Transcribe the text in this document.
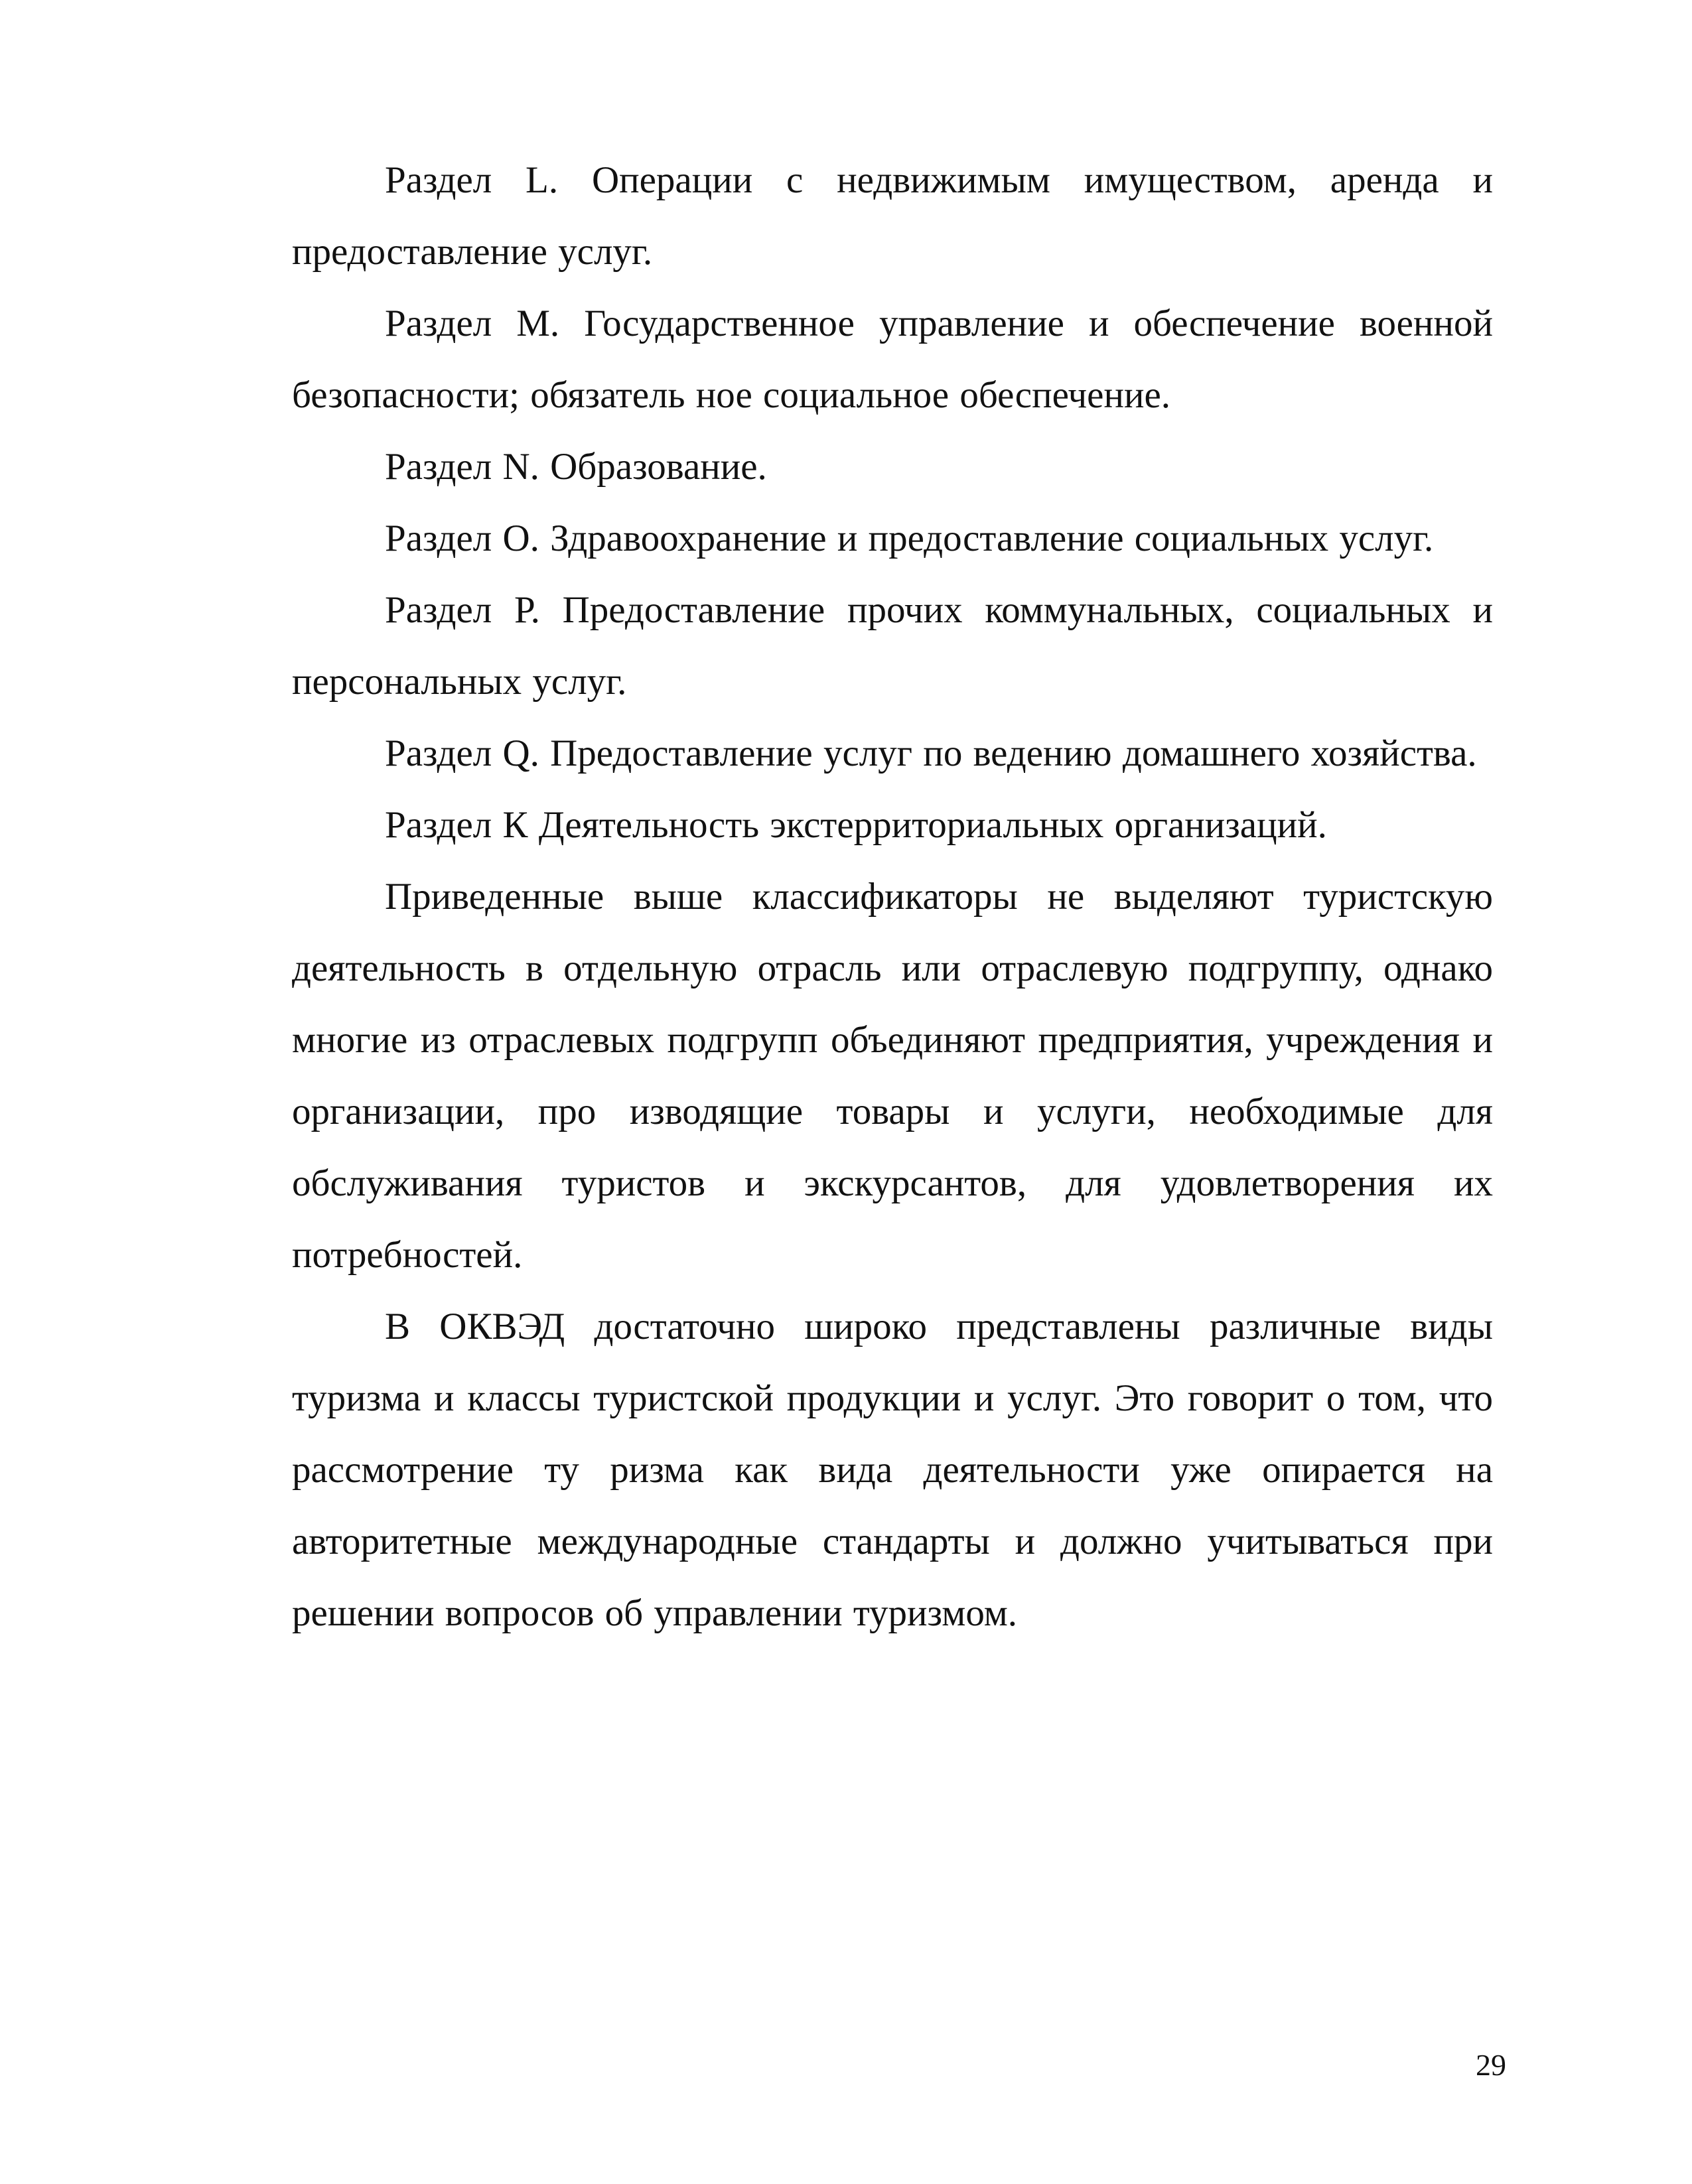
Раздел L. Операции с недвижимым имуществом, аренда и предоставление услуг.

Раздел М. Государственное управление и обеспечение военной безопасности; обязатель ное социальное обеспечение.

Раздел N. Образование.

Раздел О. Здравоохранение и предоставление социальных услуг.

Раздел Р. Предоставление прочих коммунальных, социальных и персональных услуг.

Раздел Q. Предоставление услуг по ведению домашнего хозяйства.

Раздел К Деятельность экстерриториальных организаций.

Приведенные выше классификаторы не выделяют туристскую деятельность в отдельную отрасль или отраслевую подгруппу, однако многие из отраслевых подгрупп объединяют предприятия, учреждения и организации, про изводящие товары и услуги, необходимые для обслуживания туристов и экскурсантов, для удовлетворения их потребностей.

В ОКВЭД достаточно широко представлены различные виды туризма и классы туристской продукции и услуг. Это говорит о том, что рассмотрение ту ризма как вида деятельности уже опирается на авторитетные международные стандарты и должно учитываться при решении вопросов об управлении туризмом.

29
